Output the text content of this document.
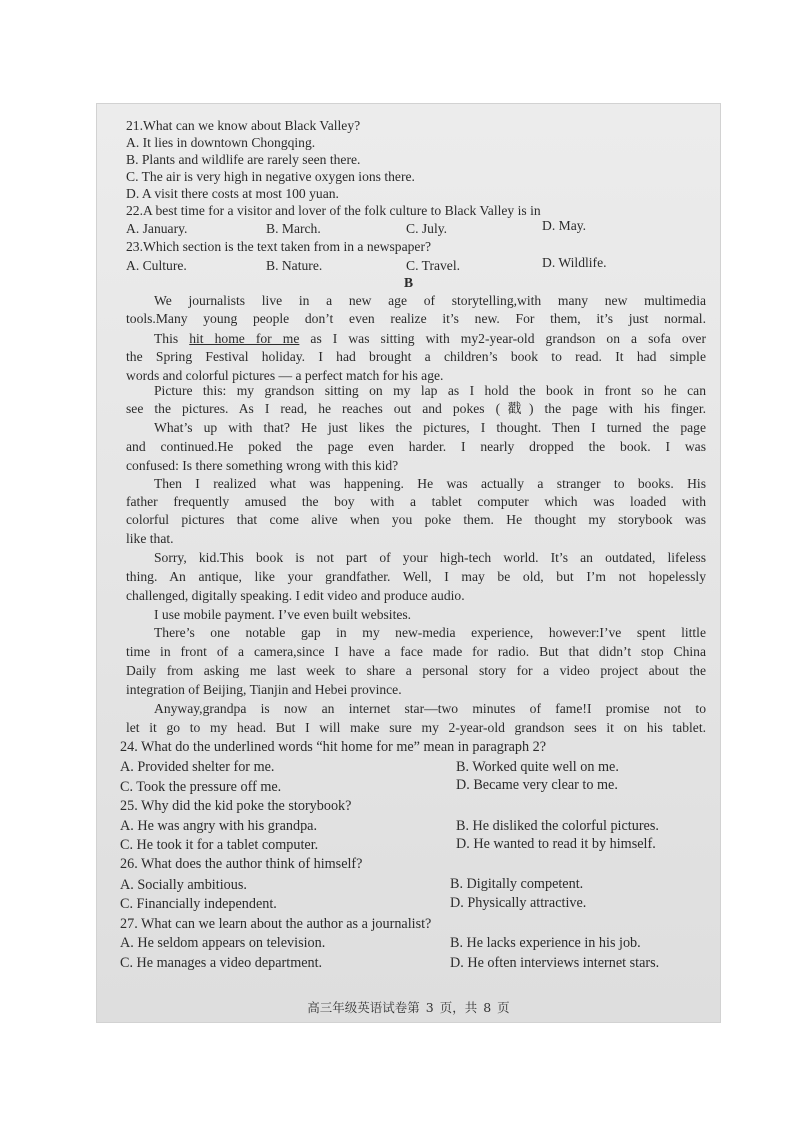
21.What can we know about Black Valley?
A. It lies in downtown Chongqing.
B. Plants and wildlife are rarely seen there.
C. The air is very high in negative oxygen ions there.
D. A visit there costs at most 100 yuan.
22.A best time for a visitor and lover of the folk culture to Black Valley is in
A. January.	B. March.	C. July.	D. May.
23.Which section is the text taken from in a newspaper?
A. Culture.	B. Nature.	C. Travel.	D. Wildlife.
B
We journalists live in a new age of storytelling,with many new multimedia
tools.Many young people don’t even realize it’s new. For them, it’s just normal.
This hit home for me as I was sitting with my2-year-old grandson on a sofa over
the Spring Festival holiday. I had brought a children’s book to read. It had simple
words and colorful pictures — a perfect match for his age.
Picture this: my grandson sitting on my lap as I hold the book in front so he can
see the pictures. As I read, he reaches out and pokes (戳) the page with his finger.
What’s up with that? He just likes the pictures, I thought. Then I turned the page
and continued.He poked the page even harder. I nearly dropped the book. I was
confused: Is there something wrong with this kid?
Then I realized what was happening. He was actually a stranger to books. His
father frequently amused the boy with a tablet computer which was loaded with
colorful pictures that come alive when you poke them. He thought my storybook was
like that.
Sorry, kid.This book is not part of your high-tech world. It’s an outdated, lifeless
thing. An antique, like your grandfather. Well, I may be old, but I’m not hopelessly
challenged, digitally speaking. I edit video and produce audio.
I use mobile payment. I’ve even built websites.
There’s one notable gap in my new-media experience, however:I’ve spent little
time in front of a camera,since I have a face made for radio. But that didn’t stop China
Daily from asking me last week to share a personal story for a video project about the
integration of Beijing, Tianjin and Hebei province.
Anyway,grandpa is now an internet star—two minutes of fame!I promise not to
let it go to my head. But I will make sure my 2-year-old grandson sees it on his tablet.
24. What do the underlined words “hit home for me” mean in paragraph 2?
A. Provided shelter for me.	B. Worked quite well on me.
C. Took the pressure off me.	D. Became very clear to me.
25. Why did the kid poke the storybook?
A. He was angry with his grandpa.	B. He disliked the colorful pictures.
C. He took it for a tablet computer.	D. He wanted to read it by himself.
26. What does the author think of himself?
A. Socially ambitious.	B. Digitally competent.
C. Financially independent.	D. Physically attractive.
27. What can we learn about the author as a journalist?
A. He seldom appears on television.	B. He lacks experience in his job.
C. He manages a video department.	D. He often interviews internet stars.
高三年级英语试卷第 3 页，共 8 页
